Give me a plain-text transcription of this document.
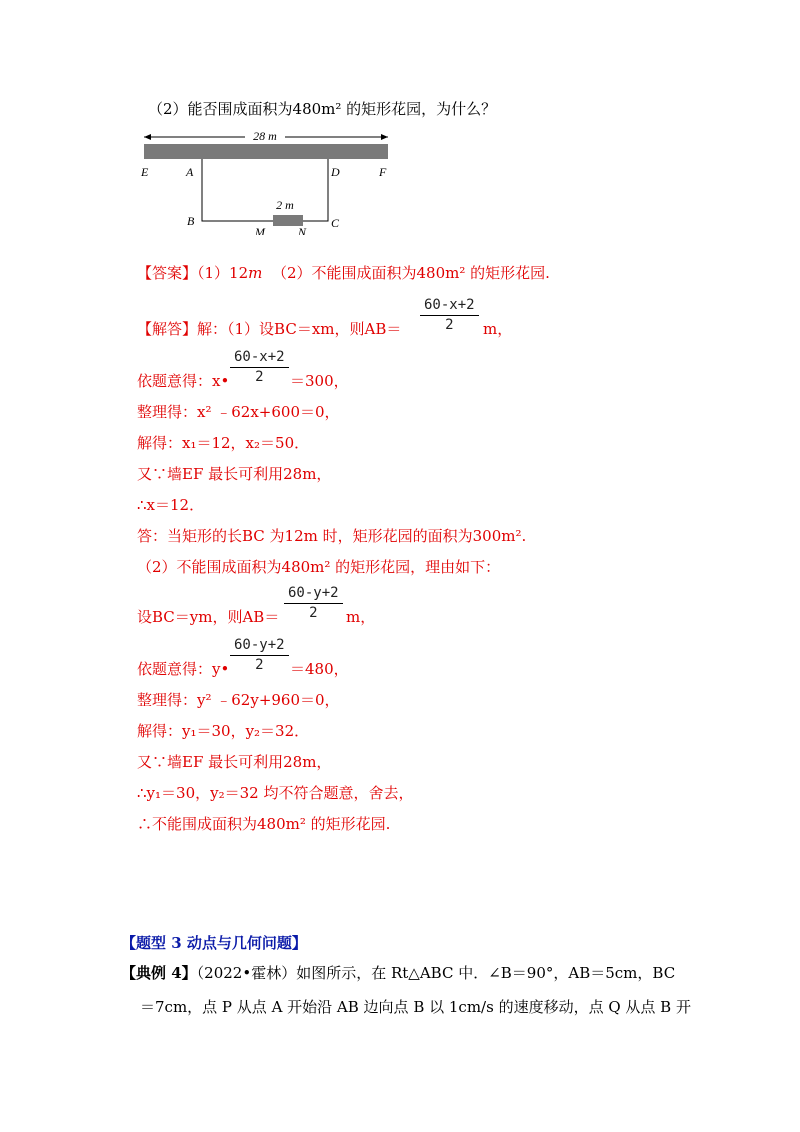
（2）能否围成面积为480m² 的矩形花园，为什么？
28 m
2 m
E	A	D	F
B
M	N
C
【答案】（1）12m （2）不能围成面积为480m² 的矩形花园.
【解答】解：（1）设BC＝xm，则AB＝
60-x+2
2	m，
依题意得：x•
60-x+2
2	＝300，
整理得：x² ﹣62x+600＝0，
解得：x₁＝12，x₂＝50．
又∵墙EF 最长可利用28m，
∴x＝12．
答：当矩形的长BC 为12m 时，矩形花园的面积为300m².
（2）不能围成面积为480m² 的矩形花园，理由如下：
设BC＝ym，则AB＝
60-y+2
2	m，
依题意得：y•
60-y+2
2	＝480，
整理得：y² ﹣62y+960＝0，
解得：y₁＝30，y₂＝32．
又∵墙EF 最长可利用28m，
∴y₁＝30，y₂＝32 均不符合题意，舍去，
∴不能围成面积为480m² 的矩形花园.
【题型 3 动点与几何问题】
【典例 4】（2022•霍林）如图所示，在 Rt△ABC 中．∠B＝90°，AB＝5cm，BC
＝7cm，点 P 从点 A 开始沿 AB 边向点 B 以 1cm/s 的速度移动，点 Q 从点 B 开
